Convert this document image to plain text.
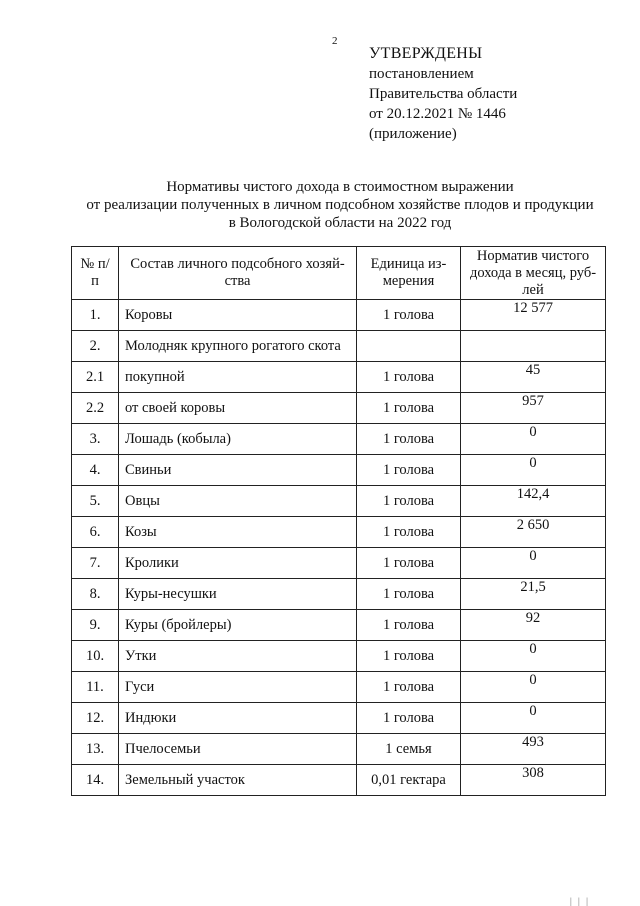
2
УТВЕРЖДЕНЫ
постановлением
Правительства области
от 20.12.2021 № 1446
(приложение)
Нормативы чистого дохода в стоимостном выражении
от реализации полученных в личном подсобном хозяйстве плодов и продукции
в Вологодской области на 2022 год
№ п/п	Состав личного подсобного хозяй-ства	Единица из-мерения	Норматив чистого дохода в месяц, руб-лей
1.	Коровы	1 голова	12 577
2.	Молодняк крупного рогатого скота		
2.1	покупной	1 голова	45
2.2	от своей коровы	1 голова	957
3.	Лошадь (кобыла)	1 голова	0
4.	Свиньи	1 голова	0
5.	Овцы	1 голова	142,4
6.	Козы	1 голова	2 650
7.	Кролики	1 голова	0
8.	Куры-несушки	1 голова	21,5
9.	Куры (бройлеры)	1 голова	92
10.	Утки	1 голова	0
11.	Гуси	1 голова	0
12.	Индюки	1 голова	0
13.	Пчелосемьи	1 семья	493
14.	Земельный участок	0,01 гектара	308
| | |
